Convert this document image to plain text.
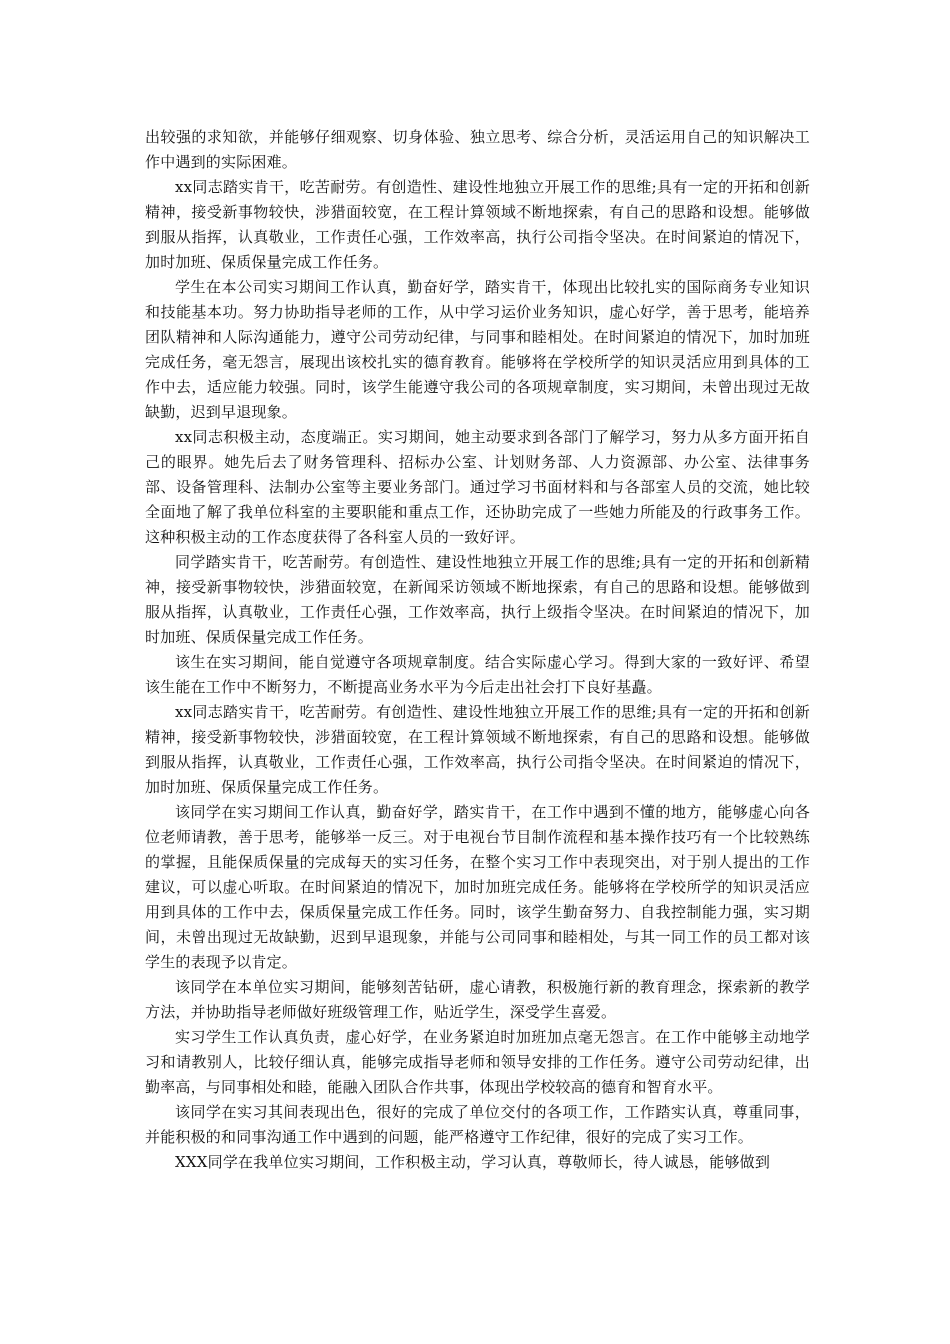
出较强的求知欲，并能够仔细观察、切身体验、独立思考、综合分析，灵活运用自己的知识解决工作中遇到的实际困难。

xx同志踏实肯干，吃苦耐劳。有创造性、建设性地独立开展工作的思维;具有一定的开拓和创新精神，接受新事物较快，涉猎面较宽，在工程计算领域不断地探索，有自己的思路和设想。能够做到服从指挥，认真敬业，工作责任心强，工作效率高，执行公司指令坚决。在时间紧迫的情况下，加时加班、保质保量完成工作任务。

学生在本公司实习期间工作认真，勤奋好学，踏实肯干，体现出比较扎实的国际商务专业知识和技能基本功。努力协助指导老师的工作，从中学习运价业务知识，虚心好学，善于思考，能培养团队精神和人际沟通能力，遵守公司劳动纪律，与同事和睦相处。在时间紧迫的情况下，加时加班完成任务，毫无怨言，展现出该校扎实的德育教育。能够将在学校所学的知识灵活应用到具体的工作中去，适应能力较强。同时，该学生能遵守我公司的各项规章制度，实习期间，未曾出现过无故缺勤，迟到早退现象。

xx同志积极主动，态度端正。实习期间，她主动要求到各部门了解学习，努力从多方面开拓自己的眼界。她先后去了财务管理科、招标办公室、计划财务部、人力资源部、办公室、法律事务部、设备管理科、法制办公室等主要业务部门。通过学习书面材料和与各部室人员的交流，她比较全面地了解了我单位科室的主要职能和重点工作，还协助完成了一些她力所能及的行政事务工作。这种积极主动的工作态度获得了各科室人员的一致好评。

同学踏实肯干，吃苦耐劳。有创造性、建设性地独立开展工作的思维;具有一定的开拓和创新精神，接受新事物较快，涉猎面较宽，在新闻采访领域不断地探索，有自己的思路和设想。能够做到服从指挥，认真敬业，工作责任心强，工作效率高，执行上级指令坚决。在时间紧迫的情况下，加时加班、保质保量完成工作任务。

该生在实习期间，能自觉遵守各项规章制度。结合实际虚心学习。得到大家的一致好评、希望该生能在工作中不断努力，不断提高业务水平为今后走出社会打下良好基矗。

xx同志踏实肯干，吃苦耐劳。有创造性、建设性地独立开展工作的思维;具有一定的开拓和创新精神，接受新事物较快，涉猎面较宽，在工程计算领域不断地探索，有自己的思路和设想。能够做到服从指挥，认真敬业，工作责任心强，工作效率高，执行公司指令坚决。在时间紧迫的情况下，加时加班、保质保量完成工作任务。

该同学在实习期间工作认真，勤奋好学，踏实肯干，在工作中遇到不懂的地方，能够虚心向各位老师请教，善于思考，能够举一反三。对于电视台节目制作流程和基本操作技巧有一个比较熟练的掌握，且能保质保量的完成每天的实习任务，在整个实习工作中表现突出，对于别人提出的工作建议，可以虚心听取。在时间紧迫的情况下，加时加班完成任务。能够将在学校所学的知识灵活应用到具体的工作中去，保质保量完成工作任务。同时，该学生勤奋努力、自我控制能力强，实习期间，未曾出现过无故缺勤，迟到早退现象，并能与公司同事和睦相处，与其一同工作的员工都对该学生的表现予以肯定。

该同学在本单位实习期间，能够刻苦钻研，虚心请教，积极施行新的教育理念，探索新的教学方法，并协助指导老师做好班级管理工作，贴近学生，深受学生喜爱。

实习学生工作认真负责，虚心好学，在业务紧迫时加班加点毫无怨言。在工作中能够主动地学习和请教别人，比较仔细认真，能够完成指导老师和领导安排的工作任务。遵守公司劳动纪律，出勤率高，与同事相处和睦，能融入团队合作共事，体现出学校较高的德育和智育水平。

该同学在实习其间表现出色，很好的完成了单位交付的各项工作，工作踏实认真，尊重同事，并能积极的和同事沟通工作中遇到的问题，能严格遵守工作纪律，很好的完成了实习工作。

XXX同学在我单位实习期间，工作积极主动，学习认真，尊敬师长，待人诚恳，能够做到
